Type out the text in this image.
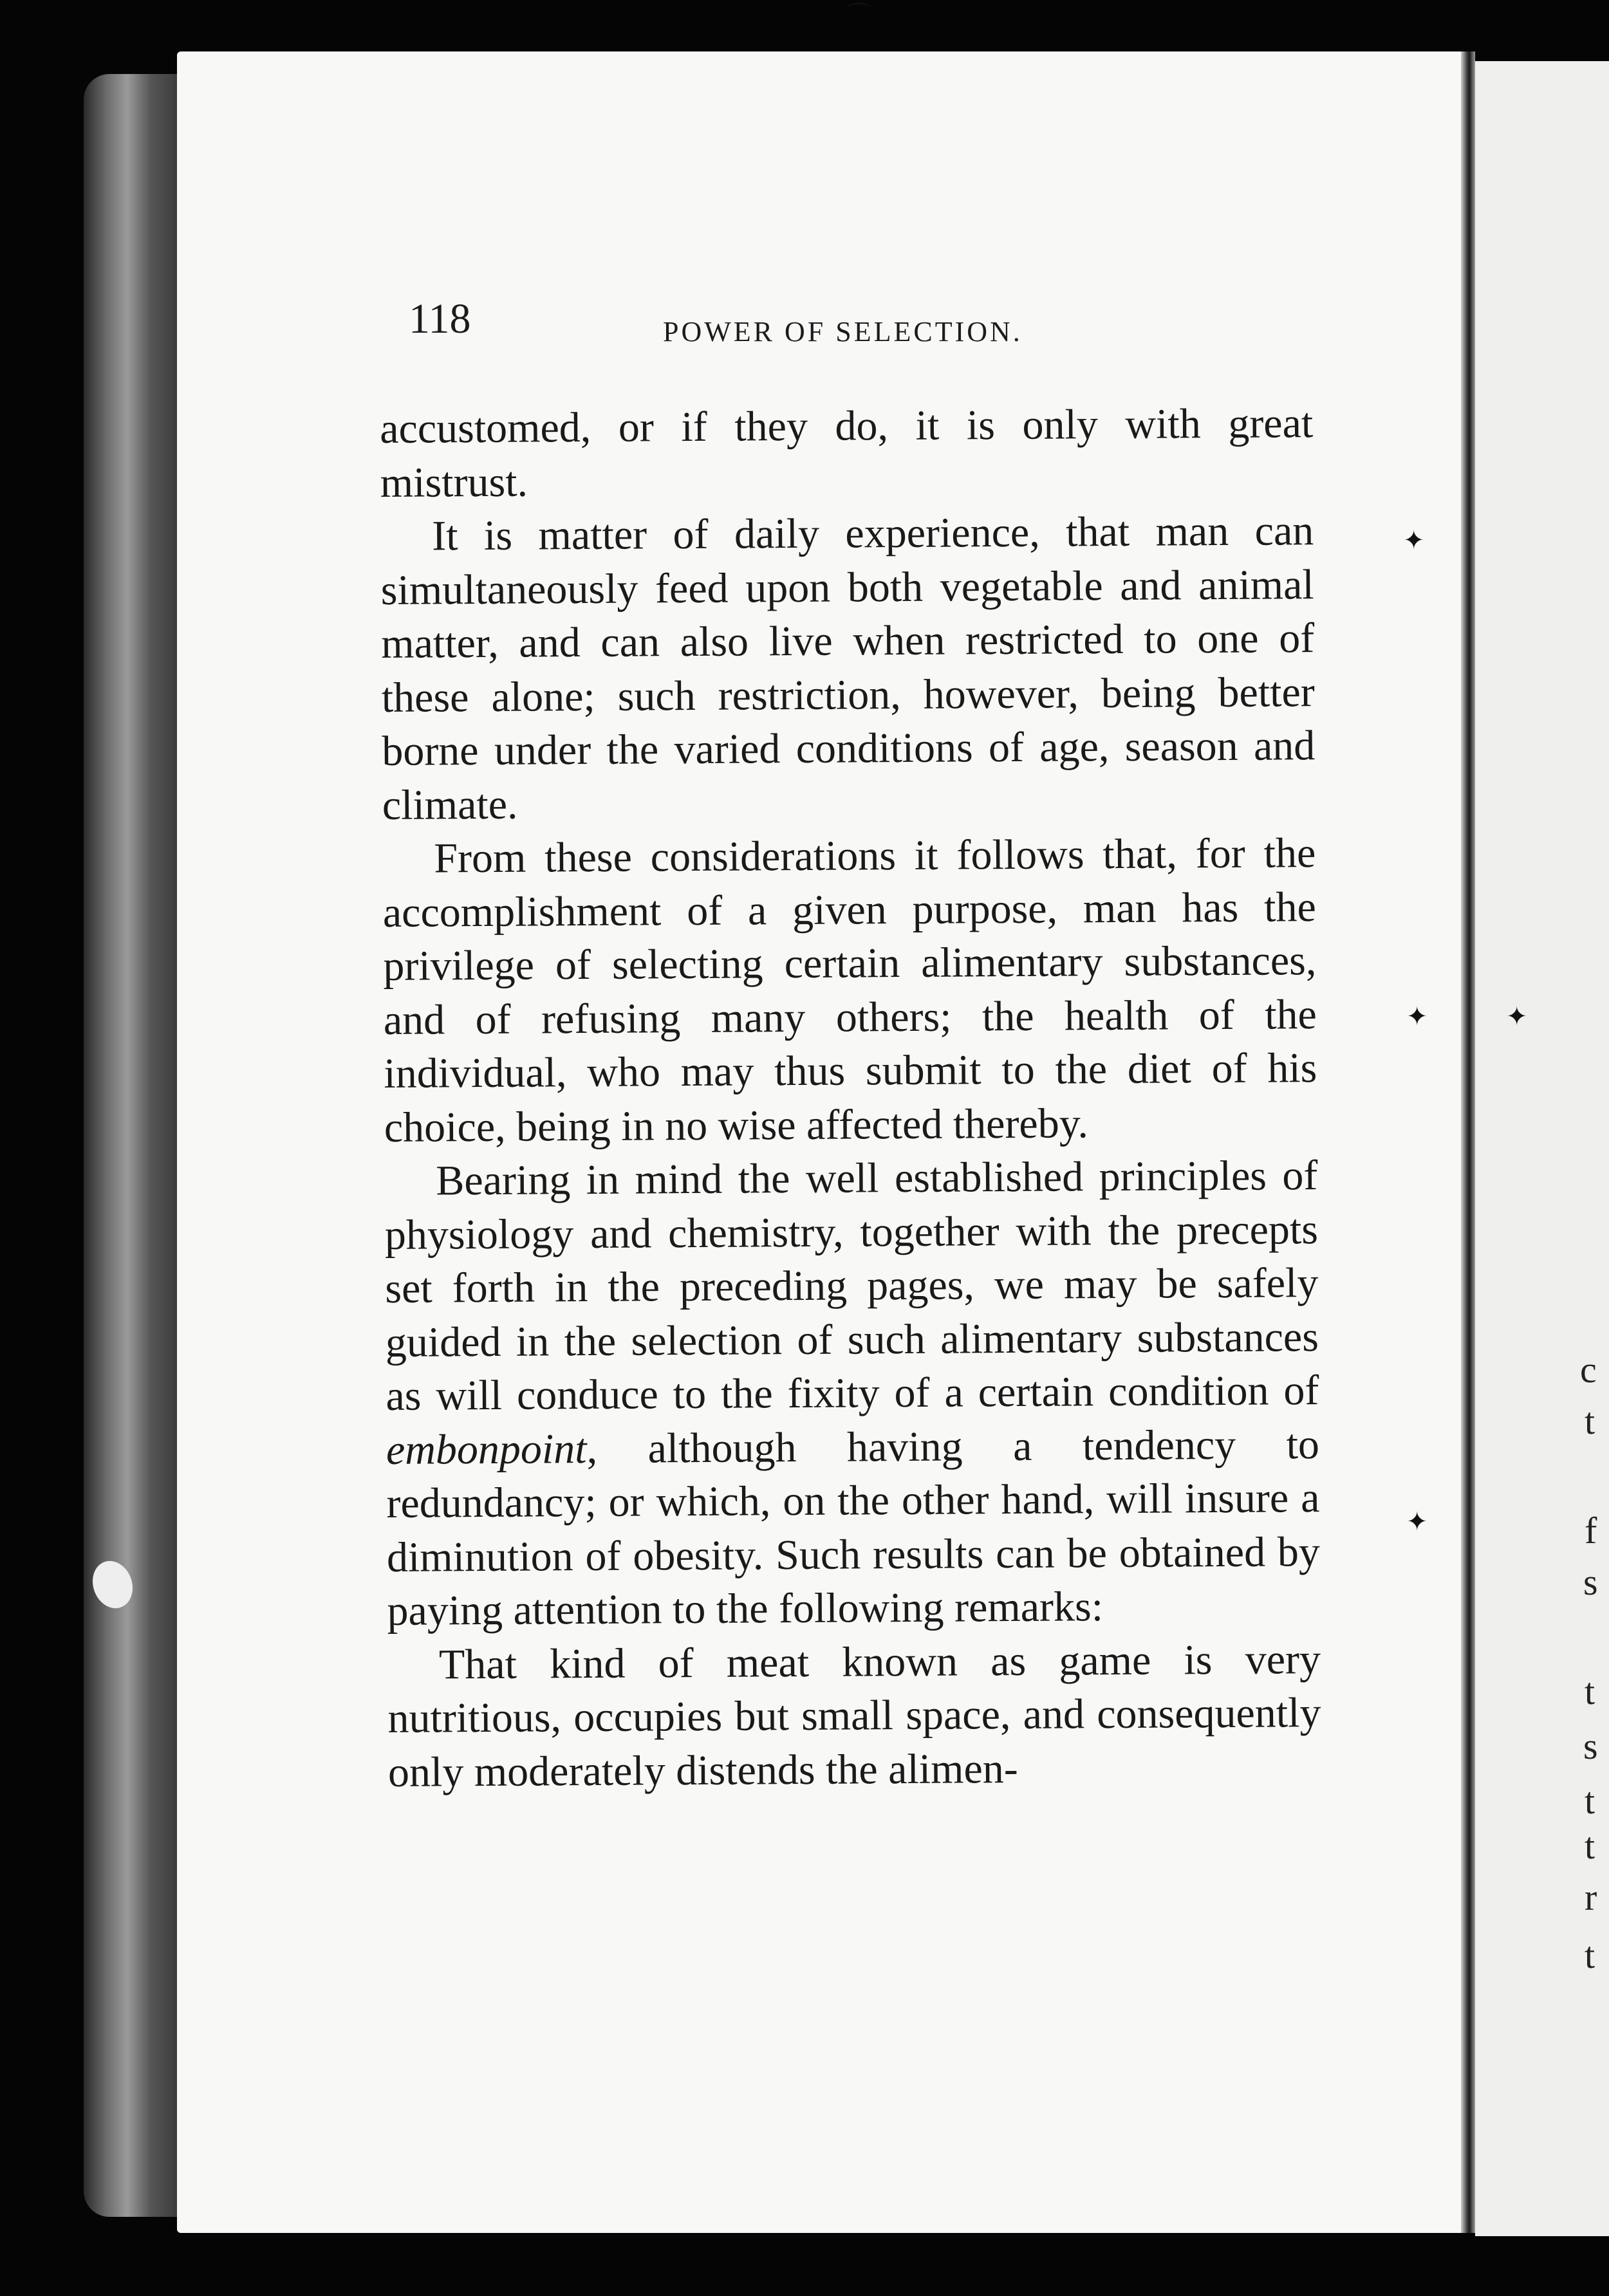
c
t
f
s
t
s
t
t
r
t
⌒
✦
✦	✦
✦
118	POWER OF SELECTION.

accustomed, or if they do, it is only with great mistrust.

It is matter of daily experience, that man can simultaneously feed upon both vegetable and animal matter, and can also live when restricted to one of these alone; such restriction, however, being better borne under the varied conditions of age, season and climate.

From these considerations it follows that, for the accomplishment of a given purpose, man has the privilege of selecting certain alimentary substances, and of refusing many others; the health of the individual, who may thus submit to the diet of his choice, being in no wise affected thereby.

Bearing in mind the well established principles of physiology and chemistry, together with the precepts set forth in the preceding pages, we may be safely guided in the selection of such alimentary substances as will conduce to the fixity of a certain condition of embonpoint, although having a tendency to redundancy; or which, on the other hand, will insure a diminution of obesity. Such results can be obtained by paying attention to the following remarks:

That kind of meat known as game is very nutritious, occupies but small space, and consequently only moderately distends the alimen-
